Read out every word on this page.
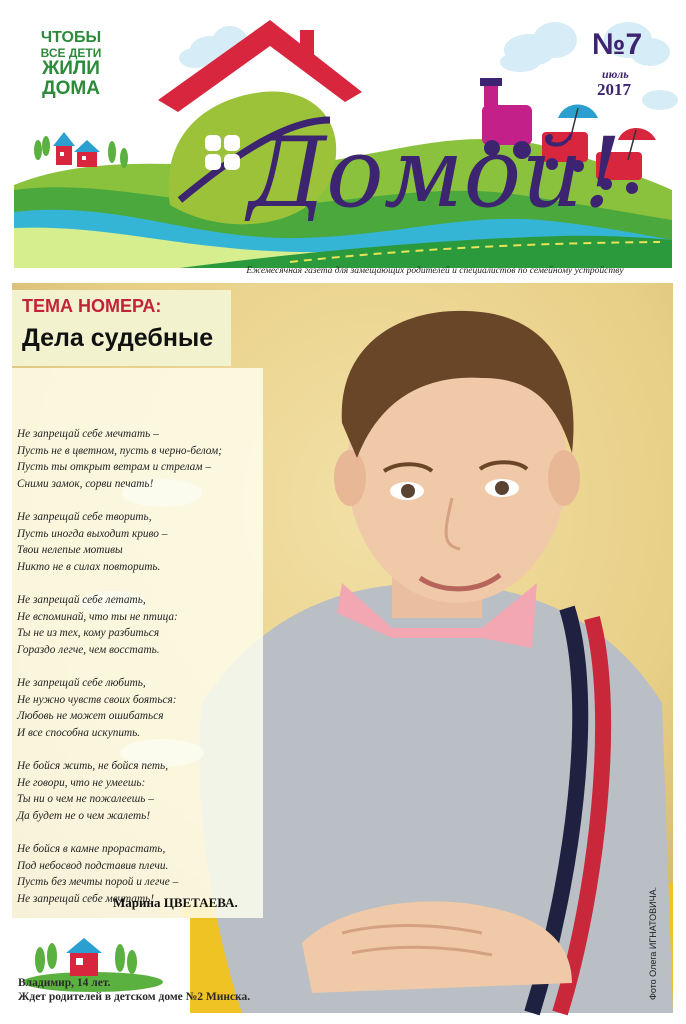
Домой!
ЧТОБЫ
ВСЕ ДЕТИ
ЖИЛИ
ДОМА
№7
июль
2017
Ежемесячная газета для замещающих родителей и специалистов по семейному устройству
ТЕМА НОМЕРА:
Дела судебные
Не запрещай себе мечтать –
Пусть не в цветном, пусть в черно-белом;
Пусть ты открыт ветрам и стрелам –
Сними замок, сорви печать!
Не запрещай себе творить,
Пусть иногда выходит криво –
Твои нелепые мотивы
Никто не в силах повторить.
Не запрещай себе летать,
Не вспоминай, что ты не птица:
Ты не из тех, кому разбиться
Гораздо легче, чем восстать.
Не запрещай себе любить,
Не нужно чувств своих бояться:
Любовь не может ошибаться
И все способна искупить.
Не бойся жить, не бойся петь,
Не говори, что не умеешь:
Ты ни о чем не пожалеешь –
Да будет не о чем жалеть!
Не бойся в камне прорастать,
Под небосвод подставив плечи.
Пусть без мечты порой и легче –
Не запрещай себе мечтать!
Марина ЦВЕТАЕВА.
Владимир, 14 лет.
Ждет родителей в детском доме №2 Минска.	Фото Олега ИГНАТОВИЧА.
